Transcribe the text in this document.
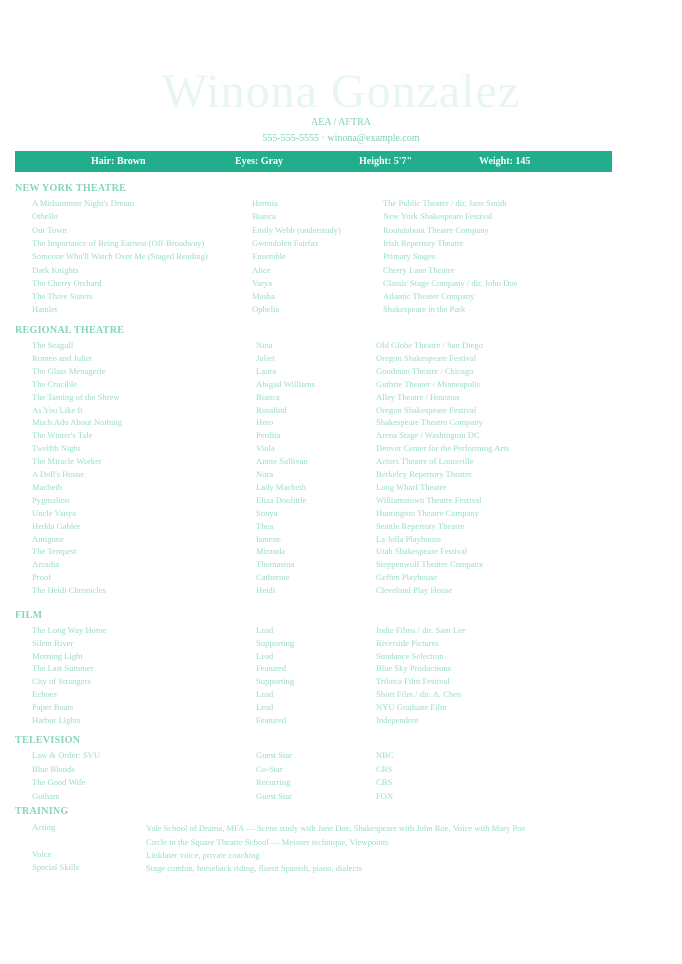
Winona Gonzalez
AEA / AFTRA
555-555-5555 · winona@example.com
Hair: Brown	Eyes: Gray	Height: 5'7"	Weight: 145
NEW YORK THEATRE
A Midsummer Night's Dream	Hermia	The Public Theater / dir. Jane Smith
Othello	Bianca	New York Shakespeare Festival
Our Town	Emily Webb (understudy)	Roundabout Theatre Company
The Importance of Being Earnest (Off-Broadway)	Gwendolen Fairfax	Irish Repertory Theatre
Someone Who'll Watch Over Me (Staged Reading)	Ensemble	Primary Stages
Dark Knights	Alice	Cherry Lane Theatre
The Cherry Orchard	Varya	Classic Stage Company / dir. John Doe
The Three Sisters	Masha	Atlantic Theater Company
Hamlet	Ophelia	Shakespeare in the Park
REGIONAL THEATRE
The Seagull	Nina	Old Globe Theatre / San Diego
Romeo and Juliet	Juliet	Oregon Shakespeare Festival
The Glass Menagerie	Laura	Goodman Theatre / Chicago
The Crucible	Abigail Williams	Guthrie Theater / Minneapolis
The Taming of the Shrew	Bianca	Alley Theatre / Houston
As You Like It	Rosalind	Oregon Shakespeare Festival
Much Ado About Nothing	Hero	Shakespeare Theatre Company
The Winter's Tale	Perdita	Arena Stage / Washington DC
Twelfth Night	Viola	Denver Center for the Performing Arts
The Miracle Worker	Annie Sullivan	Actors Theatre of Louisville
A Doll's House	Nora	Berkeley Repertory Theatre
Macbeth	Lady Macbeth	Long Wharf Theatre
Pygmalion	Eliza Doolittle	Williamstown Theatre Festival
Uncle Vanya	Sonya	Huntington Theatre Company
Hedda Gabler	Thea	Seattle Repertory Theatre
Antigone	Ismene	La Jolla Playhouse
The Tempest	Miranda	Utah Shakespeare Festival
Arcadia	Thomasina	Steppenwolf Theatre Company
Proof	Catherine	Geffen Playhouse
The Heidi Chronicles	Heidi	Cleveland Play House
FILM
The Long Way Home	Lead	Indie Films / dir. Sam Lee
Silent River	Supporting	Riverside Pictures
Morning Light	Lead	Sundance Selection
The Last Summer	Featured	Blue Sky Productions
City of Strangers	Supporting	Tribeca Film Festival
Echoes	Lead	Short Film / dir. A. Chen
Paper Boats	Lead	NYU Graduate Film
Harbor Lights	Featured	Independent
TELEVISION
Law & Order: SVU	Guest Star	NBC
Blue Bloods	Co-Star	CBS
The Good Wife	Recurring	CBS
Gotham	Guest Star	FOX
TRAINING
Acting	Yale School of Drama, MFA — Scene study with Jane Doe, Shakespeare with John Roe, Voice with Mary Poe
Circle in the Square Theatre School — Meisner technique, Viewpoints
Voice	Linklater voice, private coaching
Special Skills	Stage combat, horseback riding, fluent Spanish, piano, dialects
